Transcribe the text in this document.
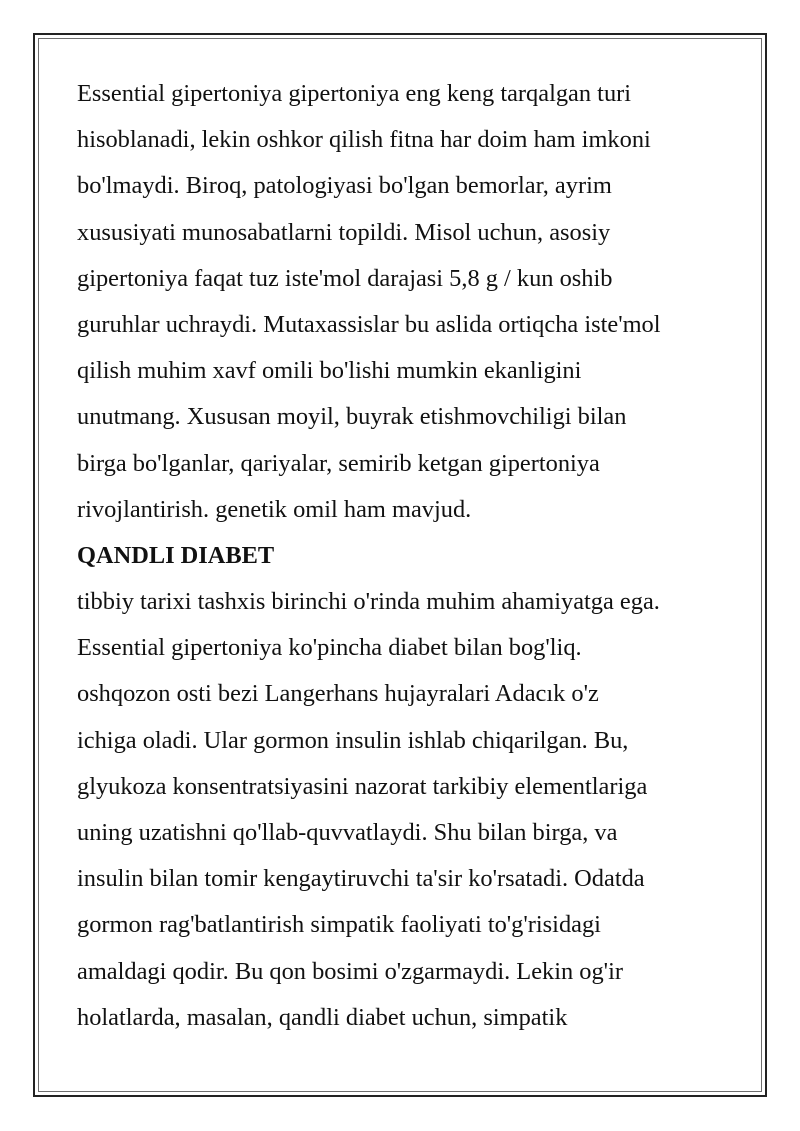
Essential gipertoniya gipertoniya eng keng tarqalgan turi
hisoblanadi, lekin oshkor qilish fitna har doim ham imkoni
bo'lmaydi. Biroq, patologiyasi bo'lgan bemorlar, ayrim
xususiyati munosabatlarni topildi. Misol uchun, asosiy
gipertoniya faqat tuz iste'mol darajasi 5,8 g / kun oshib
guruhlar uchraydi. Mutaxassislar bu aslida ortiqcha iste'mol
qilish muhim xavf omili bo'lishi mumkin ekanligini
unutmang. Xususan moyil, buyrak etishmovchiligi bilan
birga bo'lganlar, qariyalar, semirib ketgan gipertoniya
rivojlantirish. genetik omil ham mavjud.
QANDLI DIABET
tibbiy tarixi tashxis birinchi o'rinda muhim ahamiyatga ega.
Essential gipertoniya ko'pincha diabet bilan bog'liq.
oshqozon osti bezi Langerhans hujayralari Adacık o'z
ichiga oladi. Ular gormon insulin ishlab chiqarilgan. Bu,
glyukoza konsentratsiyasini nazorat tarkibiy elementlariga
uning uzatishni qo'llab-quvvatlaydi. Shu bilan birga, va
insulin bilan tomir kengaytiruvchi ta'sir ko'rsatadi. Odatda
gormon rag'batlantirish simpatik faoliyati to'g'risidagi
amaldagi qodir. Bu qon bosimi o'zgarmaydi. Lekin og'ir
holatlarda, masalan, qandli diabet uchun, simpatik
